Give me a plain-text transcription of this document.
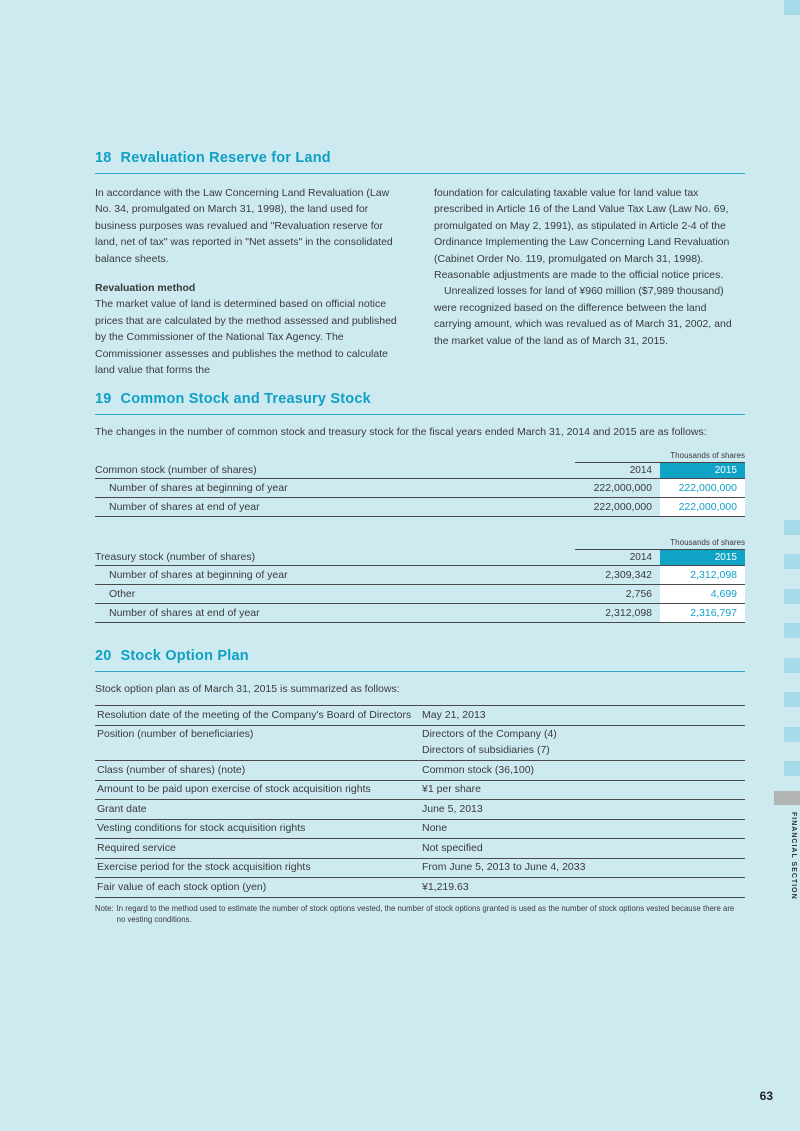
18 Revaluation Reserve for Land

In accordance with the Law Concerning Land Revaluation (Law No. 34, promulgated on March 31, 1998), the land used for business purposes was revalued and "Revaluation reserve for land, net of tax" was reported in "Net assets" in the consolidated balance sheets.

Revaluation method

The market value of land is determined based on official notice prices that are calculated by the method assessed and published by the Commissioner of the National Tax Agency. The Commissioner assesses and publishes the method to calculate land value that forms the

foundation for calculating taxable value for land value tax prescribed in Article 16 of the Land Value Tax Law (Law No. 69, promulgated on May 2, 1991), as stipulated in Article 2-4 of the Ordinance Implementing the Law Concerning Land Revaluation (Cabinet Order No. 119, promulgated on March 31, 1998). Reasonable adjustments are made to the official notice prices.

Unrealized losses for land of ¥960 million ($7,989 thousand) were recognized based on the difference between the land carrying amount, which was revalued as of March 31, 2002, and the market value of the land as of March 31, 2015.

19 Common Stock and Treasury Stock

The changes in the number of common stock and treasury stock for the fiscal years ended March 31, 2014 and 2015 are as follows:

Thousands of shares
Common stock (number of shares)	2014	2015
Number of shares at beginning of year	222,000,000	222,000,000
Number of shares at end of year	222,000,000	222,000,000
Thousands of shares
Treasury stock (number of shares)	2014	2015
Number of shares at beginning of year	2,309,342	2,312,098
Other	2,756	4,699
Number of shares at end of year	2,312,098	2,316,797
20 Stock Option Plan

Stock option plan as of March 31, 2015 is summarized as follows:

Resolution date of the meeting of the Company's Board of Directors	May 21, 2013
Position (number of beneficiaries)	Directors of the Company (4)
Directors of subsidiaries (7)
Class (number of shares) (note)	Common stock (36,100)
Amount to be paid upon exercise of stock acquisition rights	¥1 per share
Grant date	June 5, 2013
Vesting conditions for stock acquisition rights	None
Required service	Not specified
Exercise period for the stock acquisition rights	From June 5, 2013 to June 4, 2033
Fair value of each stock option (yen)	¥1,219.63
Note: In regard to the method used to estimate the number of stock options vested, the number of stock options granted is used as the number of stock options vested because there are no vesting conditions.
FINANCIAL SECTION
63
